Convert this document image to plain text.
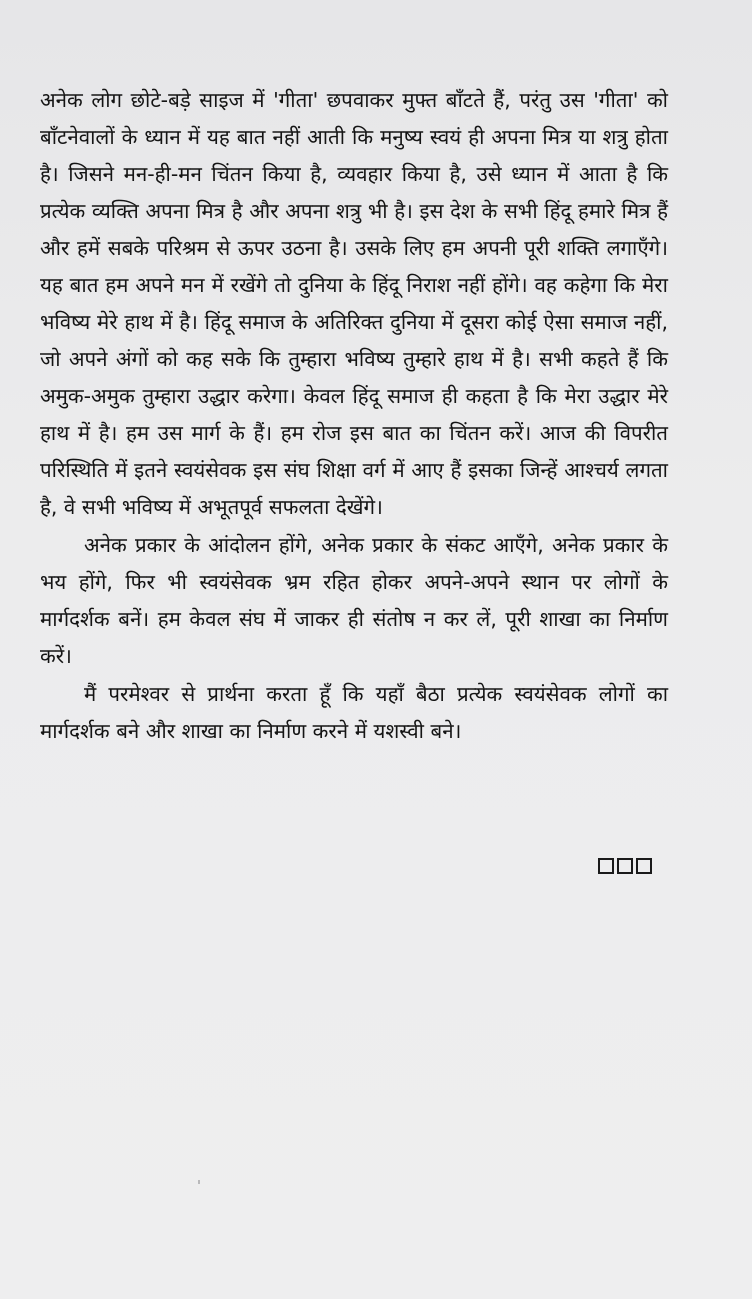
अनेक लोग छोटे-बड़े साइज में 'गीता' छपवाकर मुफ्त बाँटते हैं, परंतु उस 'गीता' को बाँटनेवालों के ध्यान में यह बात नहीं आती कि मनुष्य स्वयं ही अपना मित्र या शत्रु होता है। जिसने मन-ही-मन चिंतन किया है, व्यवहार किया है, उसे ध्यान में आता है कि प्रत्येक व्यक्ति अपना मित्र है और अपना शत्रु भी है। इस देश के सभी हिंदू हमारे मित्र हैं और हमें सबके परिश्रम से ऊपर उठना है। उसके लिए हम अपनी पूरी शक्ति लगाएँगे। यह बात हम अपने मन में रखेंगे तो दुनिया के हिंदू निराश नहीं होंगे। वह कहेगा कि मेरा भविष्य मेरे हाथ में है। हिंदू समाज के अतिरिक्त दुनिया में दूसरा कोई ऐसा समाज नहीं, जो अपने अंगों को कह सके कि तुम्हारा भविष्य तुम्हारे हाथ में है। सभी कहते हैं कि अमुक-अमुक तुम्हारा उद्धार करेगा। केवल हिंदू समाज ही कहता है कि मेरा उद्धार मेरे हाथ में है। हम उस मार्ग के हैं। हम रोज इस बात का चिंतन करें। आज की विपरीत परिस्थिति में इतने स्वयंसेवक इस संघ शिक्षा वर्ग में आए हैं इसका जिन्हें आश्चर्य लगता है, वे सभी भविष्य में अभूतपूर्व सफलता देखेंगे।

अनेक प्रकार के आंदोलन होंगे, अनेक प्रकार के संकट आएँगे, अनेक प्रकार के भय होंगे, फिर भी स्वयंसेवक भ्रम रहित होकर अपने-अपने स्थान पर लोगों के मार्गदर्शक बनें। हम केवल संघ में जाकर ही संतोष न कर लें, पूरी शाखा का निर्माण करें।

मैं परमेश्वर से प्रार्थना करता हूँ कि यहाँ बैठा प्रत्येक स्वयंसेवक लोगों का मार्गदर्शक बने और शाखा का निर्माण करने में यशस्वी बने।
